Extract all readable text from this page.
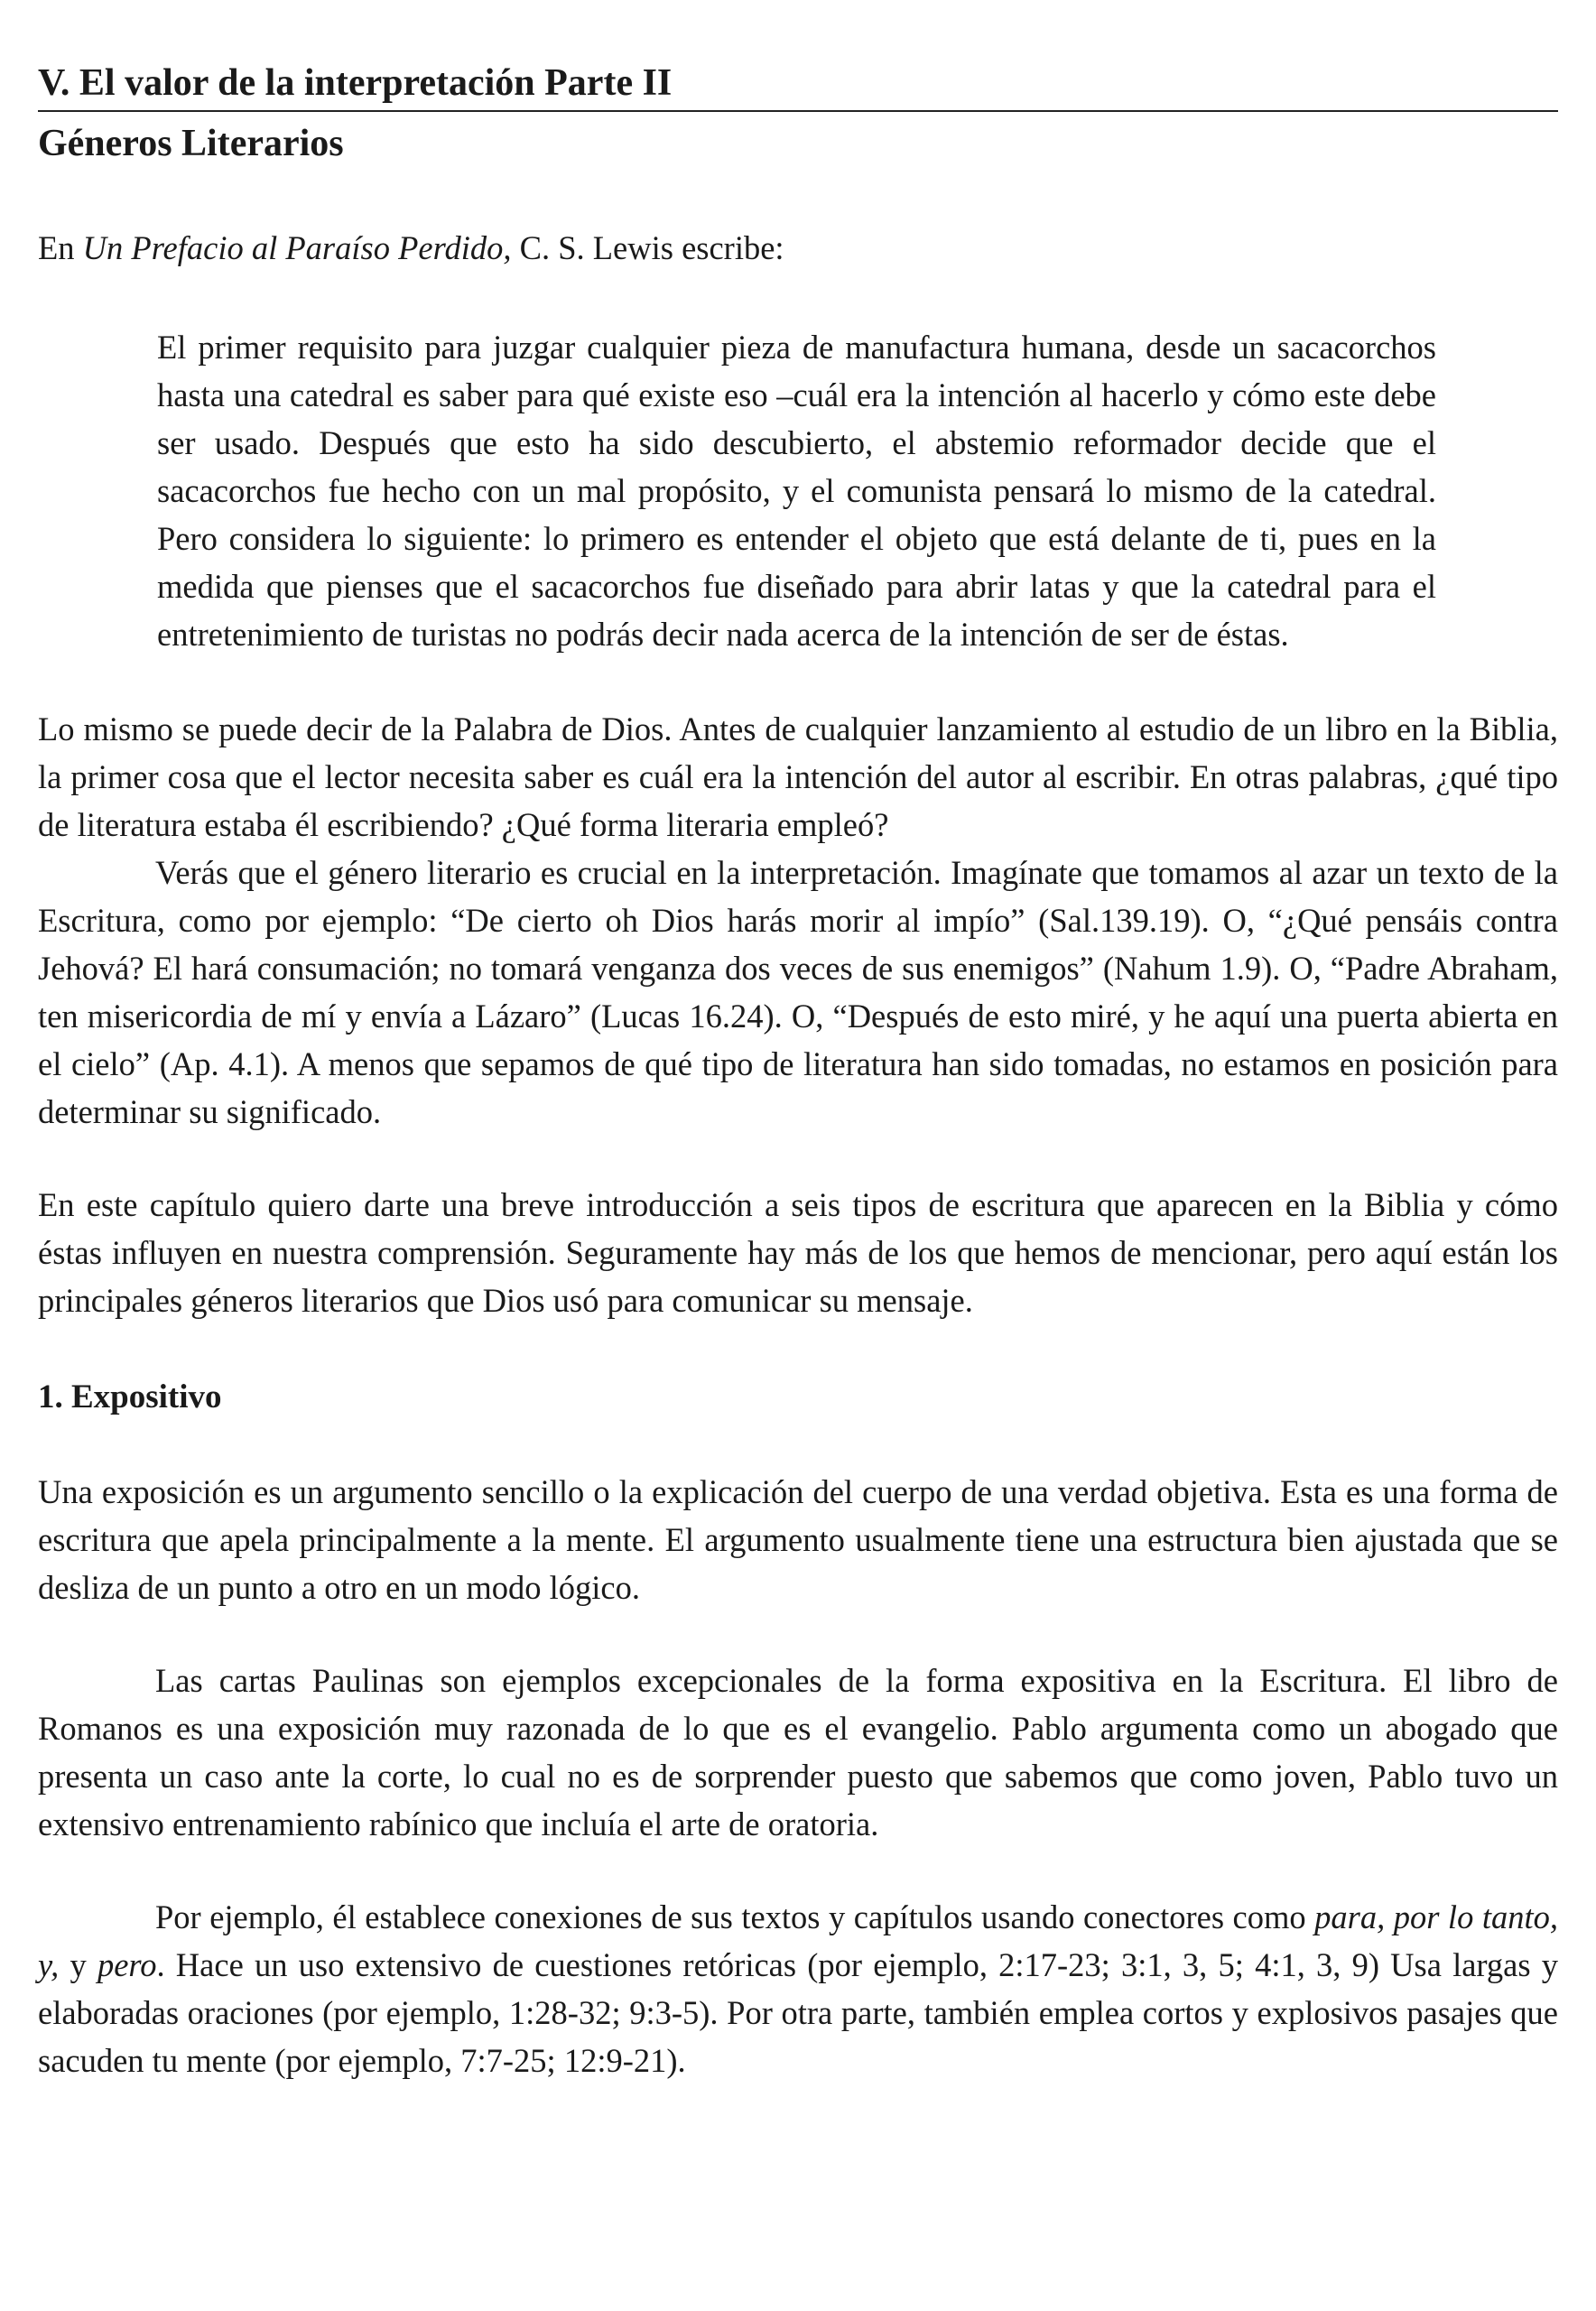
V. El valor de la interpretación Parte II
Géneros Literarios

En Un Prefacio al Paraíso Perdido, C. S. Lewis escribe:

El primer requisito para juzgar cualquier pieza de manufactura humana, desde un sacacorchos hasta una catedral es saber para qué existe eso –cuál era la intención al hacerlo y cómo este debe ser usado. Después que esto ha sido descubierto, el abstemio reformador decide que el sacacorchos fue hecho con un mal propósito, y el comunista pensará lo mismo de la catedral. Pero considera lo siguiente: lo primero es entender el objeto que está delante de ti, pues en la medida que pienses que el sacacorchos fue diseñado para abrir latas y que la catedral para el entretenimiento de turistas no podrás decir nada acerca de la intención de ser de éstas.

Lo mismo se puede decir de la Palabra de Dios. Antes de cualquier lanzamiento al estudio de un libro en la Biblia, la primer cosa que el lector necesita saber es cuál era la intención del autor al escribir. En otras palabras, ¿qué tipo de literatura estaba él escribiendo? ¿Qué forma literaria empleó?

Verás que el género literario es crucial en la interpretación. Imagínate que tomamos al azar un texto de la Escritura, como por ejemplo: “De cierto oh Dios harás morir al impío” (Sal.139.19). O, “¿Qué pensáis contra Jehová? El hará consumación; no tomará venganza dos veces de sus enemigos” (Nahum 1.9). O, “Padre Abraham, ten misericordia de mí y envía a Lázaro” (Lucas 16.24). O, “Después de esto miré, y he aquí una puerta abierta en el cielo” (Ap. 4.1). A menos que sepamos de qué tipo de literatura han sido tomadas, no estamos en posición para determinar su significado.

En este capítulo quiero darte una breve introducción a seis tipos de escritura que aparecen en la Biblia y cómo éstas influyen en nuestra comprensión. Seguramente hay más de los que hemos de mencionar, pero aquí están los principales géneros literarios que Dios usó para comunicar su mensaje.

1. Expositivo

Una exposición es un argumento sencillo o la explicación del cuerpo de una verdad objetiva. Esta es una forma de escritura que apela principalmente a la mente. El argumento usualmente tiene una estructura bien ajustada que se desliza de un punto a otro en un modo lógico.

Las cartas Paulinas son ejemplos excepcionales de la forma expositiva en la Escritura. El libro de Romanos es una exposición muy razonada de lo que es el evangelio. Pablo argumenta como un abogado que presenta un caso ante la corte, lo cual no es de sorprender puesto que sabemos que como joven, Pablo tuvo un extensivo entrenamiento rabínico que incluía el arte de oratoria.

Por ejemplo, él establece conexiones de sus textos y capítulos usando conectores como para, por lo tanto, y, y pero. Hace un uso extensivo de cuestiones retóricas (por ejemplo, 2:17-23; 3:1, 3, 5; 4:1, 3, 9) Usa largas y elaboradas oraciones (por ejemplo, 1:28-32; 9:3-5). Por otra parte, también emplea cortos y explosivos pasajes que sacuden tu mente (por ejemplo, 7:7-25; 12:9-21).
